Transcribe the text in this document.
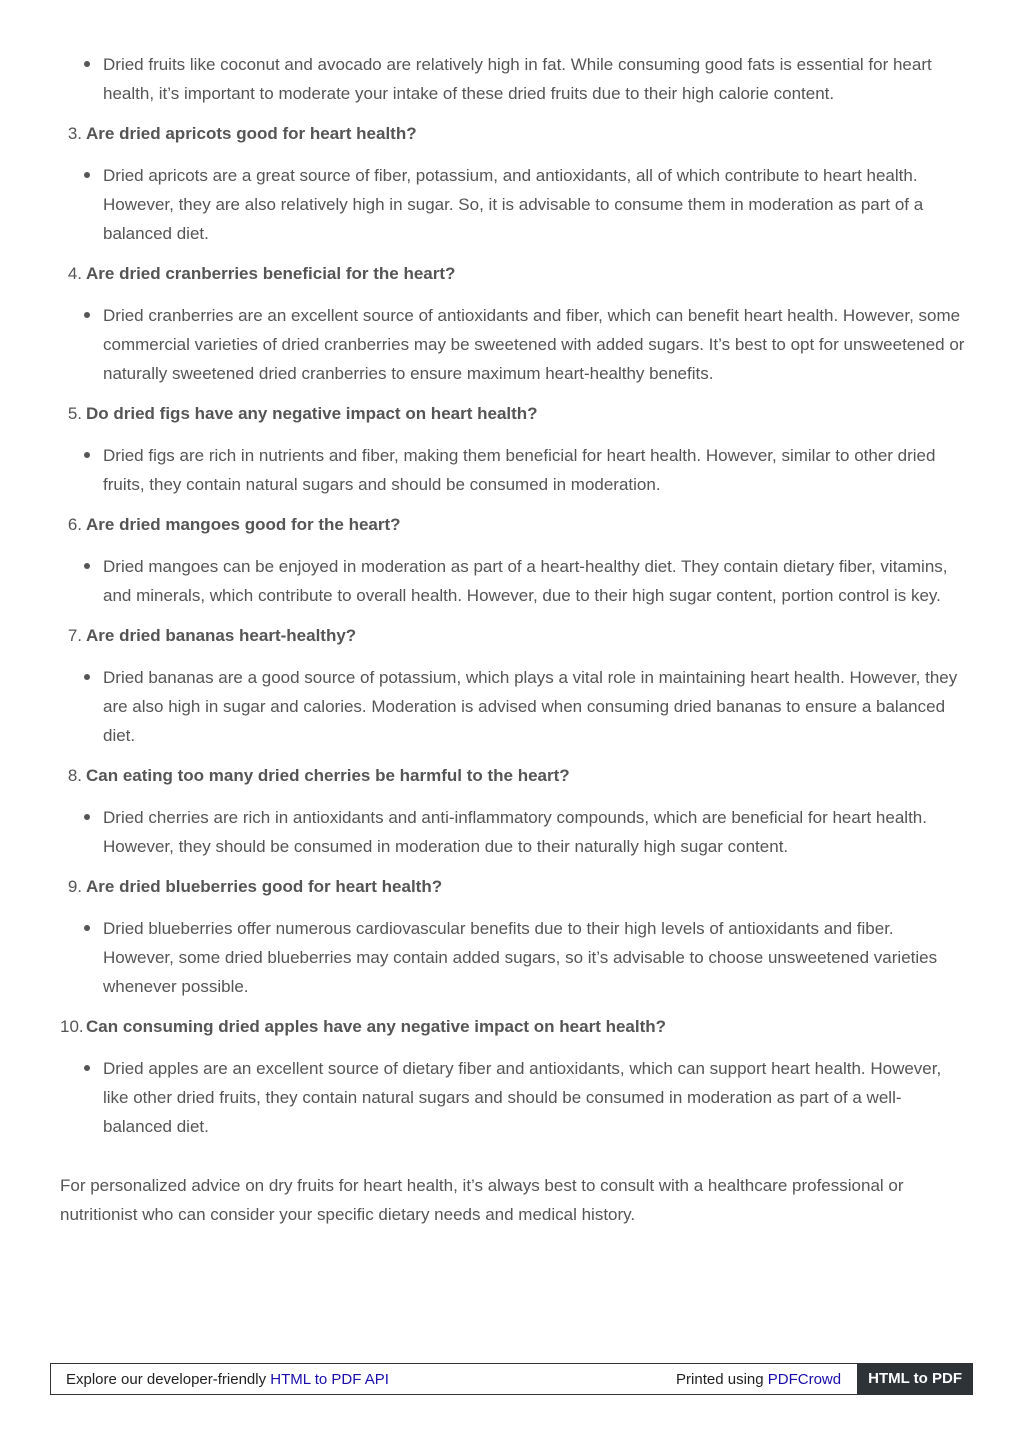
Dried fruits like coconut and avocado are relatively high in fat. While consuming good fats is essential for heart health, it’s important to moderate your intake of these dried fruits due to their high calorie content.
3. Are dried apricots good for heart health?
Dried apricots are a great source of fiber, potassium, and antioxidants, all of which contribute to heart health. However, they are also relatively high in sugar. So, it is advisable to consume them in moderation as part of a balanced diet.
4. Are dried cranberries beneficial for the heart?
Dried cranberries are an excellent source of antioxidants and fiber, which can benefit heart health. However, some commercial varieties of dried cranberries may be sweetened with added sugars. It’s best to opt for unsweetened or naturally sweetened dried cranberries to ensure maximum heart-healthy benefits.
5. Do dried figs have any negative impact on heart health?
Dried figs are rich in nutrients and fiber, making them beneficial for heart health. However, similar to other dried fruits, they contain natural sugars and should be consumed in moderation.
6. Are dried mangoes good for the heart?
Dried mangoes can be enjoyed in moderation as part of a heart-healthy diet. They contain dietary fiber, vitamins, and minerals, which contribute to overall health. However, due to their high sugar content, portion control is key.
7. Are dried bananas heart-healthy?
Dried bananas are a good source of potassium, which plays a vital role in maintaining heart health. However, they are also high in sugar and calories. Moderation is advised when consuming dried bananas to ensure a balanced diet.
8. Can eating too many dried cherries be harmful to the heart?
Dried cherries are rich in antioxidants and anti-inflammatory compounds, which are beneficial for heart health. However, they should be consumed in moderation due to their naturally high sugar content.
9. Are dried blueberries good for heart health?
Dried blueberries offer numerous cardiovascular benefits due to their high levels of antioxidants and fiber. However, some dried blueberries may contain added sugars, so it’s advisable to choose unsweetened varieties whenever possible.
10. Can consuming dried apples have any negative impact on heart health?
Dried apples are an excellent source of dietary fiber and antioxidants, which can support heart health. However, like other dried fruits, they contain natural sugars and should be consumed in moderation as part of a well-balanced diet.

For personalized advice on dry fruits for heart health, it’s always best to consult with a healthcare professional or nutritionist who can consider your specific dietary needs and medical history.

Explore our developer-friendly HTML to PDF API	Printed using PDFCrowd	HTML to PDF
